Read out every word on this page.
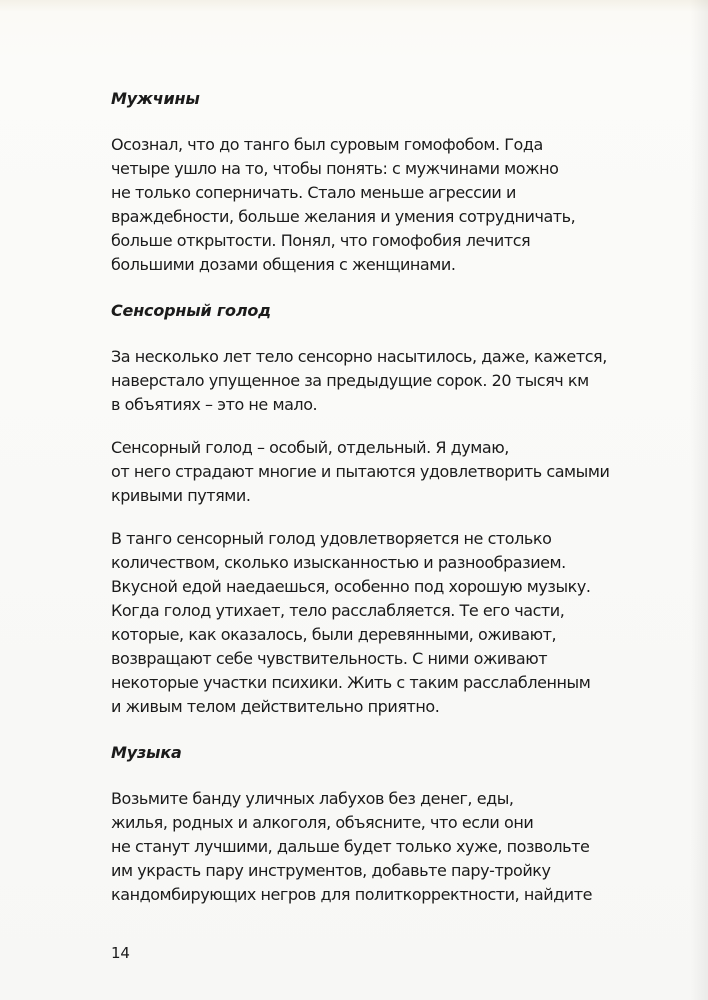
Мужчины
Осознал, что до танго был суровым гомофобом. Года
четыре ушло на то, чтобы понять: с мужчинами можно
не только соперничать. Стало меньше агрессии и
враждебности, больше желания и умения сотрудничать,
больше открытости. Понял, что гомофобия лечится
большими дозами общения с женщинами.
Сенсорный голод
За несколько лет тело сенсорно насытилось, даже, кажется,
наверстало упущенное за предыдущие сорок. 20 тысяч км
в объятиях – это не мало.
Сенсорный голод – особый, отдельный. Я думаю,
от него страдают многие и пытаются удовлетворить самыми
кривыми путями.
В танго сенсорный голод удовлетворяется не столько
количеством, сколько изысканностью и разнообразием.
Вкусной едой наедаешься, особенно под хорошую музыку.
Когда голод утихает, тело расслабляется. Те его части,
которые, как оказалось, были деревянными, оживают,
возвращают себе чувствительность. С ними оживают
некоторые участки психики. Жить с таким расслабленным
и живым телом действительно приятно.
Музыка
Возьмите банду уличных лабухов без денег, еды,
жилья, родных и алкоголя, объясните, что если они
не станут лучшими, дальше будет только хуже, позвольте
им украсть пару инструментов, добавьте пару-тройку
кандомбирующих негров для политкорректности, найдите
14
